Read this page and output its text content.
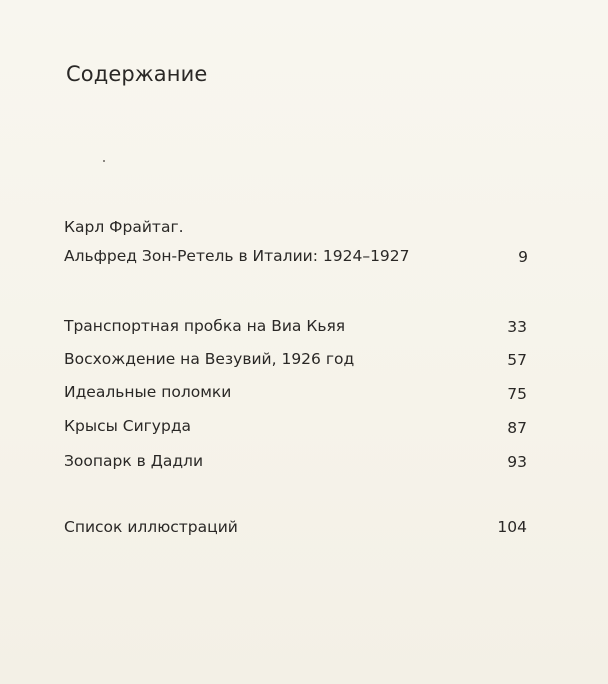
Содержание
Карл Фрайтаг.
Альфред Зон-Ретель в Италии: 1924–1927	9
Транспортная пробка на Виа Кьяя	33
Восхождение на Везувий, 1926 год	57
Идеальные поломки	75
Крысы Сигурда	87
Зоопарк в Дадли	93
Список иллюстраций	104
